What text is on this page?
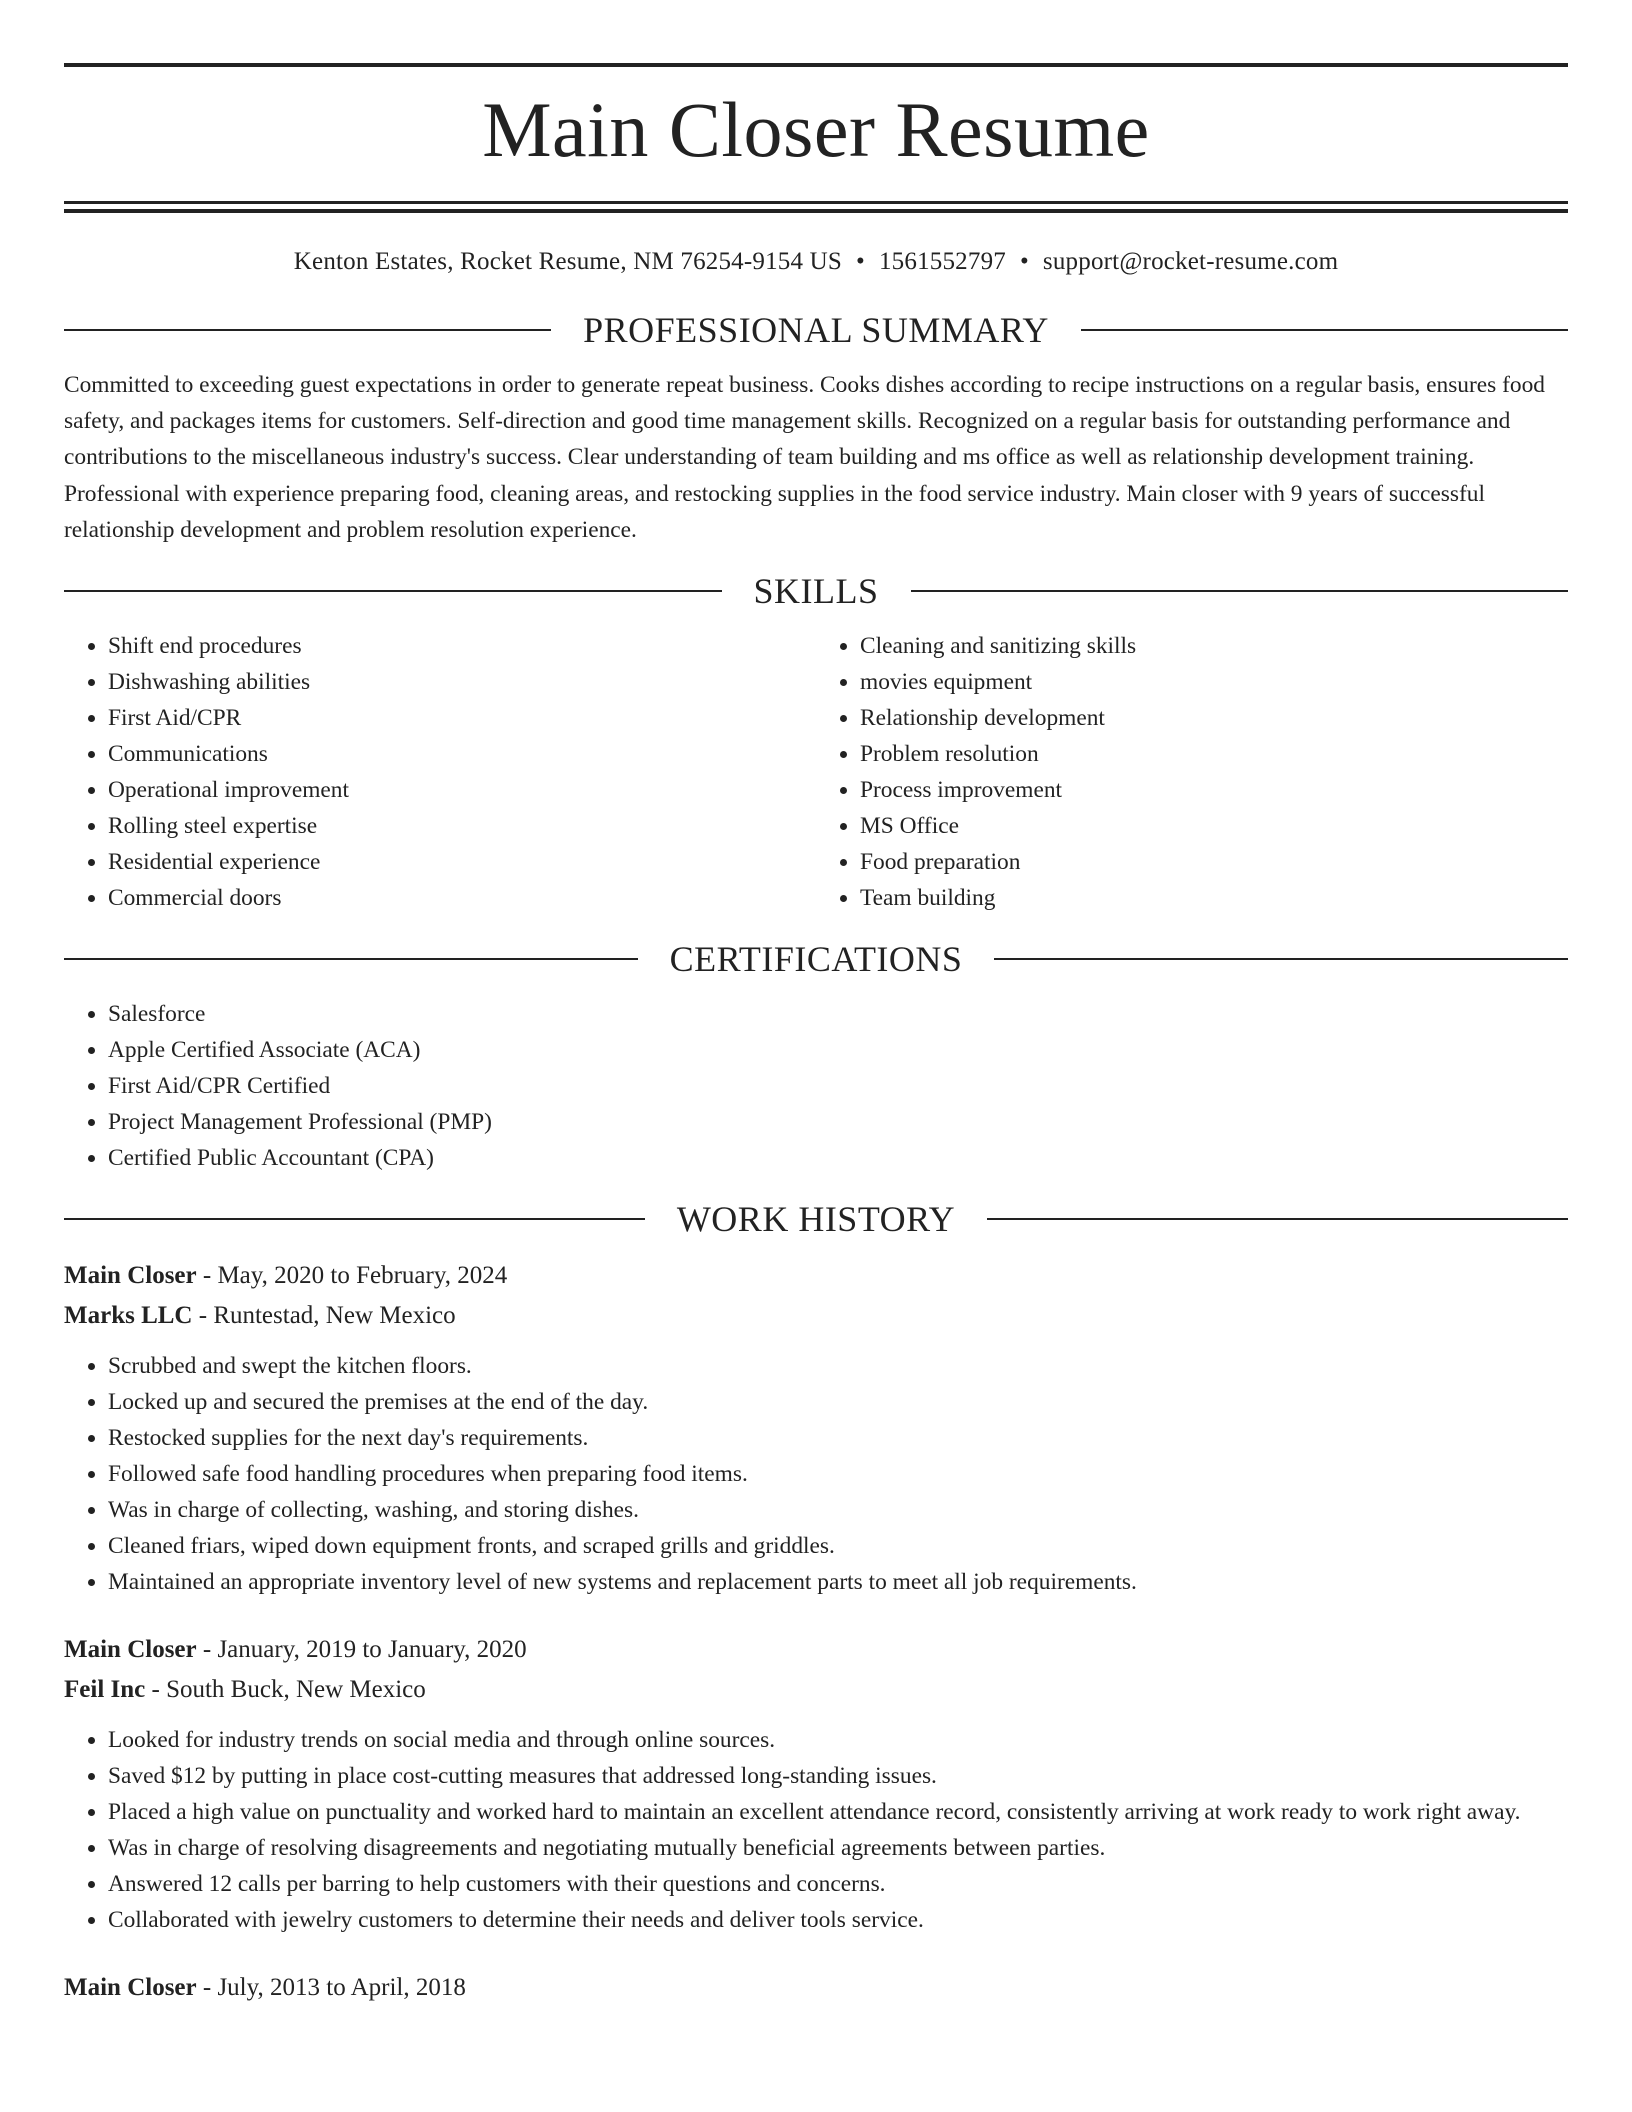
Main Closer Resume
Kenton Estates, Rocket Resume, NM 76254-9154 US • 1561552797 • support@rocket-resume.com
PROFESSIONAL SUMMARY

Committed to exceeding guest expectations in order to generate repeat business. Cooks dishes according to recipe instructions on a regular basis, ensures food safety, and packages items for customers. Self-direction and good time management skills. Recognized on a regular basis for outstanding performance and contributions to the miscellaneous industry's success. Clear understanding of team building and ms office as well as relationship development training. Professional with experience preparing food, cleaning areas, and restocking supplies in the food service industry. Main closer with 9 years of successful relationship development and problem resolution experience.

SKILLS
• Shift end procedures
• Dishwashing abilities
• First Aid/CPR
• Communications
• Operational improvement
• Rolling steel expertise
• Residential experience
• Commercial doors
• Cleaning and sanitizing skills
• movies equipment
• Relationship development
• Problem resolution
• Process improvement
• MS Office
• Food preparation
• Team building
CERTIFICATIONS
• Salesforce
• Apple Certified Associate (ACA)
• First Aid/CPR Certified
• Project Management Professional (PMP)
• Certified Public Accountant (CPA)
WORK HISTORY
Main Closer - May, 2020 to February, 2024
Marks LLC - Runtestad, New Mexico
• Scrubbed and swept the kitchen floors.
• Locked up and secured the premises at the end of the day.
• Restocked supplies for the next day's requirements.
• Followed safe food handling procedures when preparing food items.
• Was in charge of collecting, washing, and storing dishes.
• Cleaned friars, wiped down equipment fronts, and scraped grills and griddles.
• Maintained an appropriate inventory level of new systems and replacement parts to meet all job requirements.
Main Closer - January, 2019 to January, 2020
Feil Inc - South Buck, New Mexico
• Looked for industry trends on social media and through online sources.
• Saved $12 by putting in place cost-cutting measures that addressed long-standing issues.
• Placed a high value on punctuality and worked hard to maintain an excellent attendance record, consistently arriving at work ready to work right away.
• Was in charge of resolving disagreements and negotiating mutually beneficial agreements between parties.
• Answered 12 calls per barring to help customers with their questions and concerns.
• Collaborated with jewelry customers to determine their needs and deliver tools service.
Main Closer - July, 2013 to April, 2018
